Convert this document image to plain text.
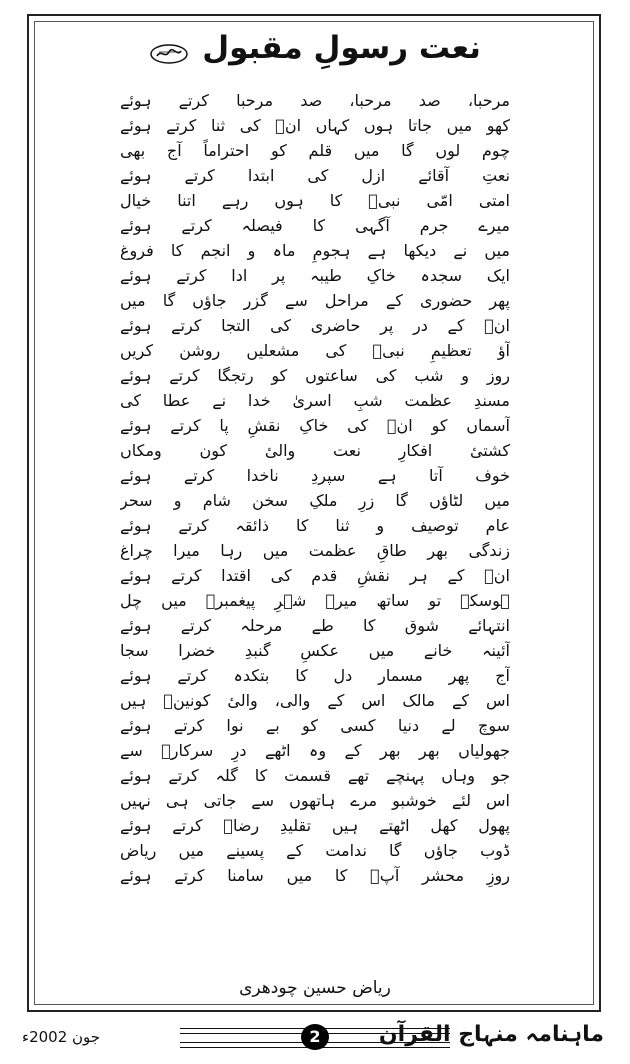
نعت رسولِ مقبول
مرحبا، صد مرحبا، صد مرحبا کرتے ہوئے
کھو میں جاتا ہوں کہاں انؐ کی ثنا کرتے ہوئے
چوم لوں گا میں قلم کو احتراماً آج بھی
نعتِ آقائے ازل کی ابتدا کرتے ہوئے
امتی امّی نبیؐ کا ہوں رہے اتنا خیال
میرے جرم آگہی کا فیصلہ کرتے ہوئے
میں نے دیکھا ہے ہجومِ ماہ و انجم کا فروغ
ایک سجدہ خاکِ طیبہ پر ادا کرتے ہوئے
پھر حضوری کے مراحل سے گزر جاؤں گا میں
انؐ کے در پر حاضری کی التجا کرتے ہوئے
آؤ تعظیمِ نبیؐ کی مشعلیں روشن کریں
روز و شب کی ساعتوں کو رتجگا کرتے ہوئے
مسندِ عظمت شبِ اسریٰ خدا نے عطا کی
آسماں کو انؐ کی خاکِ نقشِ پا کرتے ہوئے
کشتیٔ افکارِ نعت والیٔ کون ومکاں
خوف آتا ہے سپردِ ناخدا کرتے ہوئے
میں لٹاؤں گا زرِ ملکِ سخن شام و سحر
عام توصیف و ثنا کا ذائقہ کرتے ہوئے
زندگی بھر طاقِ عظمت میں رہا میرا چراغ
انؐ کے ہر نقشِ قدم کی اقتدا کرتے ہوئے
ہوسکے تو ساتھ میرے شہرِ پیغمبرؐ میں چل
انتہائے شوق کا طے مرحلہ کرتے ہوئے
آئینہ خانے میں عکسِ گنبدِ خضرا سجا
آج پھر مسمار دل کا بتکدہ کرتے ہوئے
اس کے مالک اس کے والی، والیٔ کونینؐ ہیں
سوچ لے دنیا کسی کو بے نوا کرتے ہوئے
جھولیاں بھر بھر کے وہ اٹھے درِ سرکارؐ سے
جو وہاں پہنچے تھے قسمت کا گلہ کرتے ہوئے
اس لئے خوشبو مرے ہاتھوں سے جاتی ہی نہیں
پھول کھل اٹھتے ہیں تقلیدِ رضاؐ کرتے ہوئے
ڈوب جاؤں گا ندامت کے پسینے میں ریاض
روزِ محشر آپؐ کا میں سامنا کرتے ہوئے
ریاض حسین چودھری
2
جون 2002ء	ماہنامہ منہاج القرآن
